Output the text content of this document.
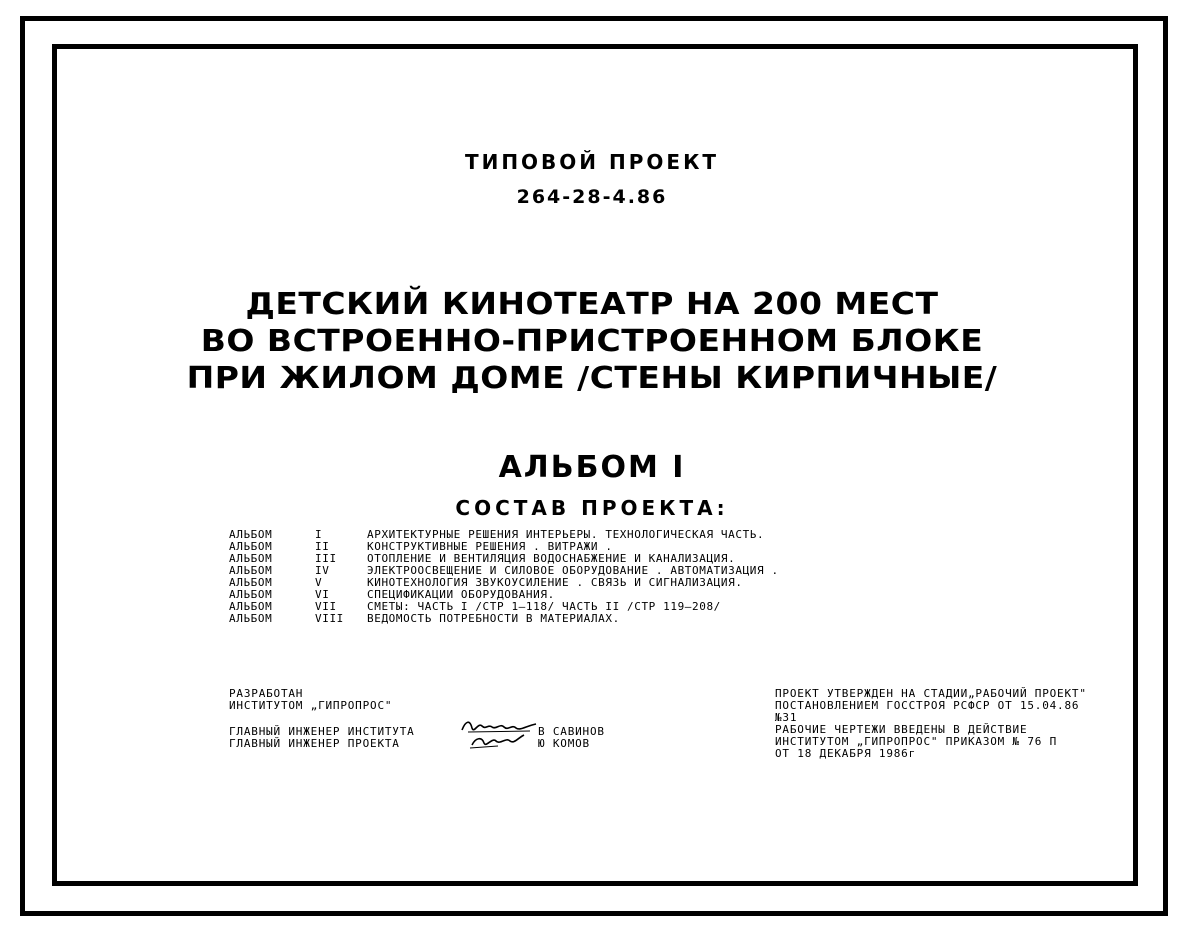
ТИПОВОЙ ПРОЕКТ
264-28-4.86
ДЕТСКИЙ КИНОТЕАТР НА 200 МЕСТ
ВО ВСТРОЕННО-ПРИСТРОЕННОМ БЛОКЕ
ПРИ ЖИЛОМ ДОМЕ /СТЕНЫ КИРПИЧНЫЕ/
АЛЬБОМ I
СОСТАВ ПРОЕКТА:
АЛЬБОМ	I	АРХИТЕКТУРНЫЕ РЕШЕНИЯ ИНТЕРЬЕРЫ. ТЕХНОЛОГИЧЕСКАЯ ЧАСТЬ.
АЛЬБОМ	II	КОНСТРУКТИВНЫЕ РЕШЕНИЯ . ВИТРАЖИ .
АЛЬБОМ	III	ОТОПЛЕНИЕ И ВЕНТИЛЯЦИЯ ВОДОСНАБЖЕНИЕ И КАНАЛИЗАЦИЯ.
АЛЬБОМ	IV	ЭЛЕКТРООСВЕЩЕНИЕ И СИЛОВОЕ ОБОРУДОВАНИЕ . АВТОМАТИЗАЦИЯ .
АЛЬБОМ	V	КИНОТЕХНОЛОГИЯ ЗВУКОУСИЛЕНИЕ . СВЯЗЬ И СИГНАЛИЗАЦИЯ.
АЛЬБОМ	VI	СПЕЦИФИКАЦИИ ОБОРУДОВАНИЯ.
АЛЬБОМ	VII	СМЕТЫ: ЧАСТЬ I /СТР 1—118/ ЧАСТЬ II /СТР 119—208/
АЛЬБОМ	VIII ВЕДОМОСТЬ ПОТРЕБНОСТИ В МАТЕРИАЛАХ.
РАЗРАБОТАН
ИНСТИТУТОМ „ГИПРОПРОС"
ГЛАВНЫЙ ИНЖЕНЕР ИНСТИТУТА
ГЛАВНЫЙ ИНЖЕНЕР ПРОЕКТА
В САВИНОВ
Ю КОМОВ
ПРОЕКТ УТВЕРЖДЕН НА СТАДИИ„РАБОЧИЙ ПРОЕКТ"
ПОСТАНОВЛЕНИЕМ ГОССТРОЯ РСФСР ОТ 15.04.86
№31
РАБОЧИЕ ЧЕРТЕЖИ ВВЕДЕНЫ В ДЕЙСТВИЕ
ИНСТИТУТОМ „ГИПРОПРОС" ПРИКАЗОМ № 76 П
ОТ 18 ДЕКАБРЯ 1986г
